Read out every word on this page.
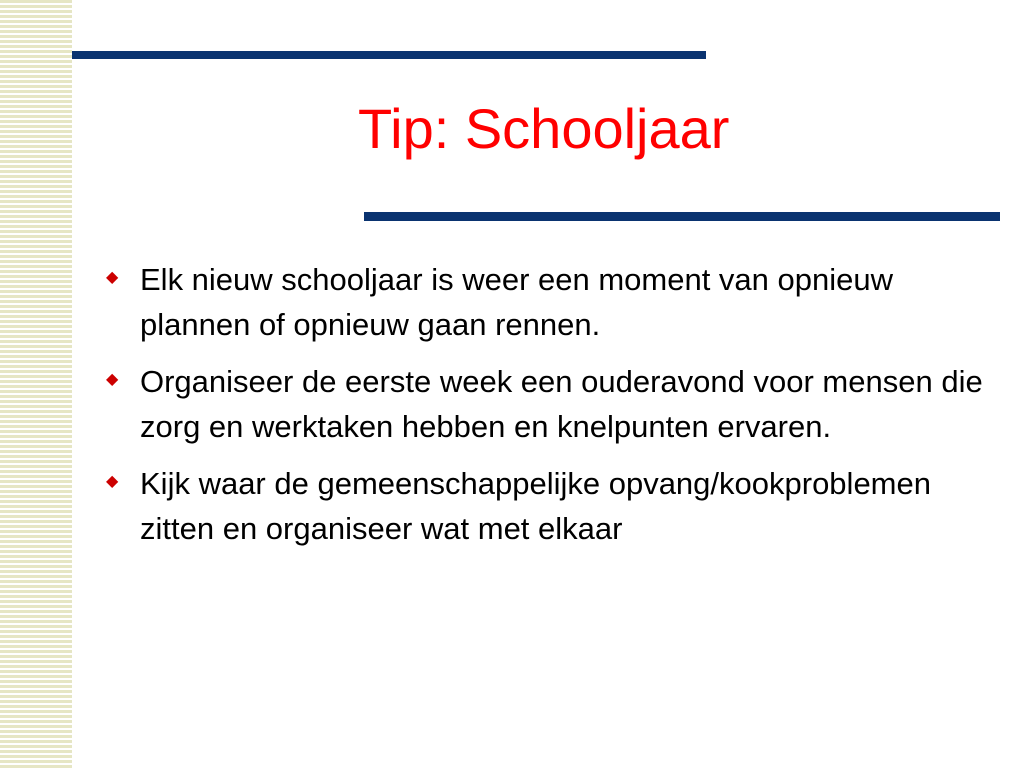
Tip: Schooljaar
◆ Elk nieuw schooljaar is weer een moment van opnieuw plannen of opnieuw gaan rennen.
◆ Organiseer de eerste week een ouderavond voor mensen die zorg en werktaken hebben en knelpunten ervaren.
◆ Kijk waar de gemeenschappelijke opvang/kookproblemen zitten en organiseer wat met elkaar
